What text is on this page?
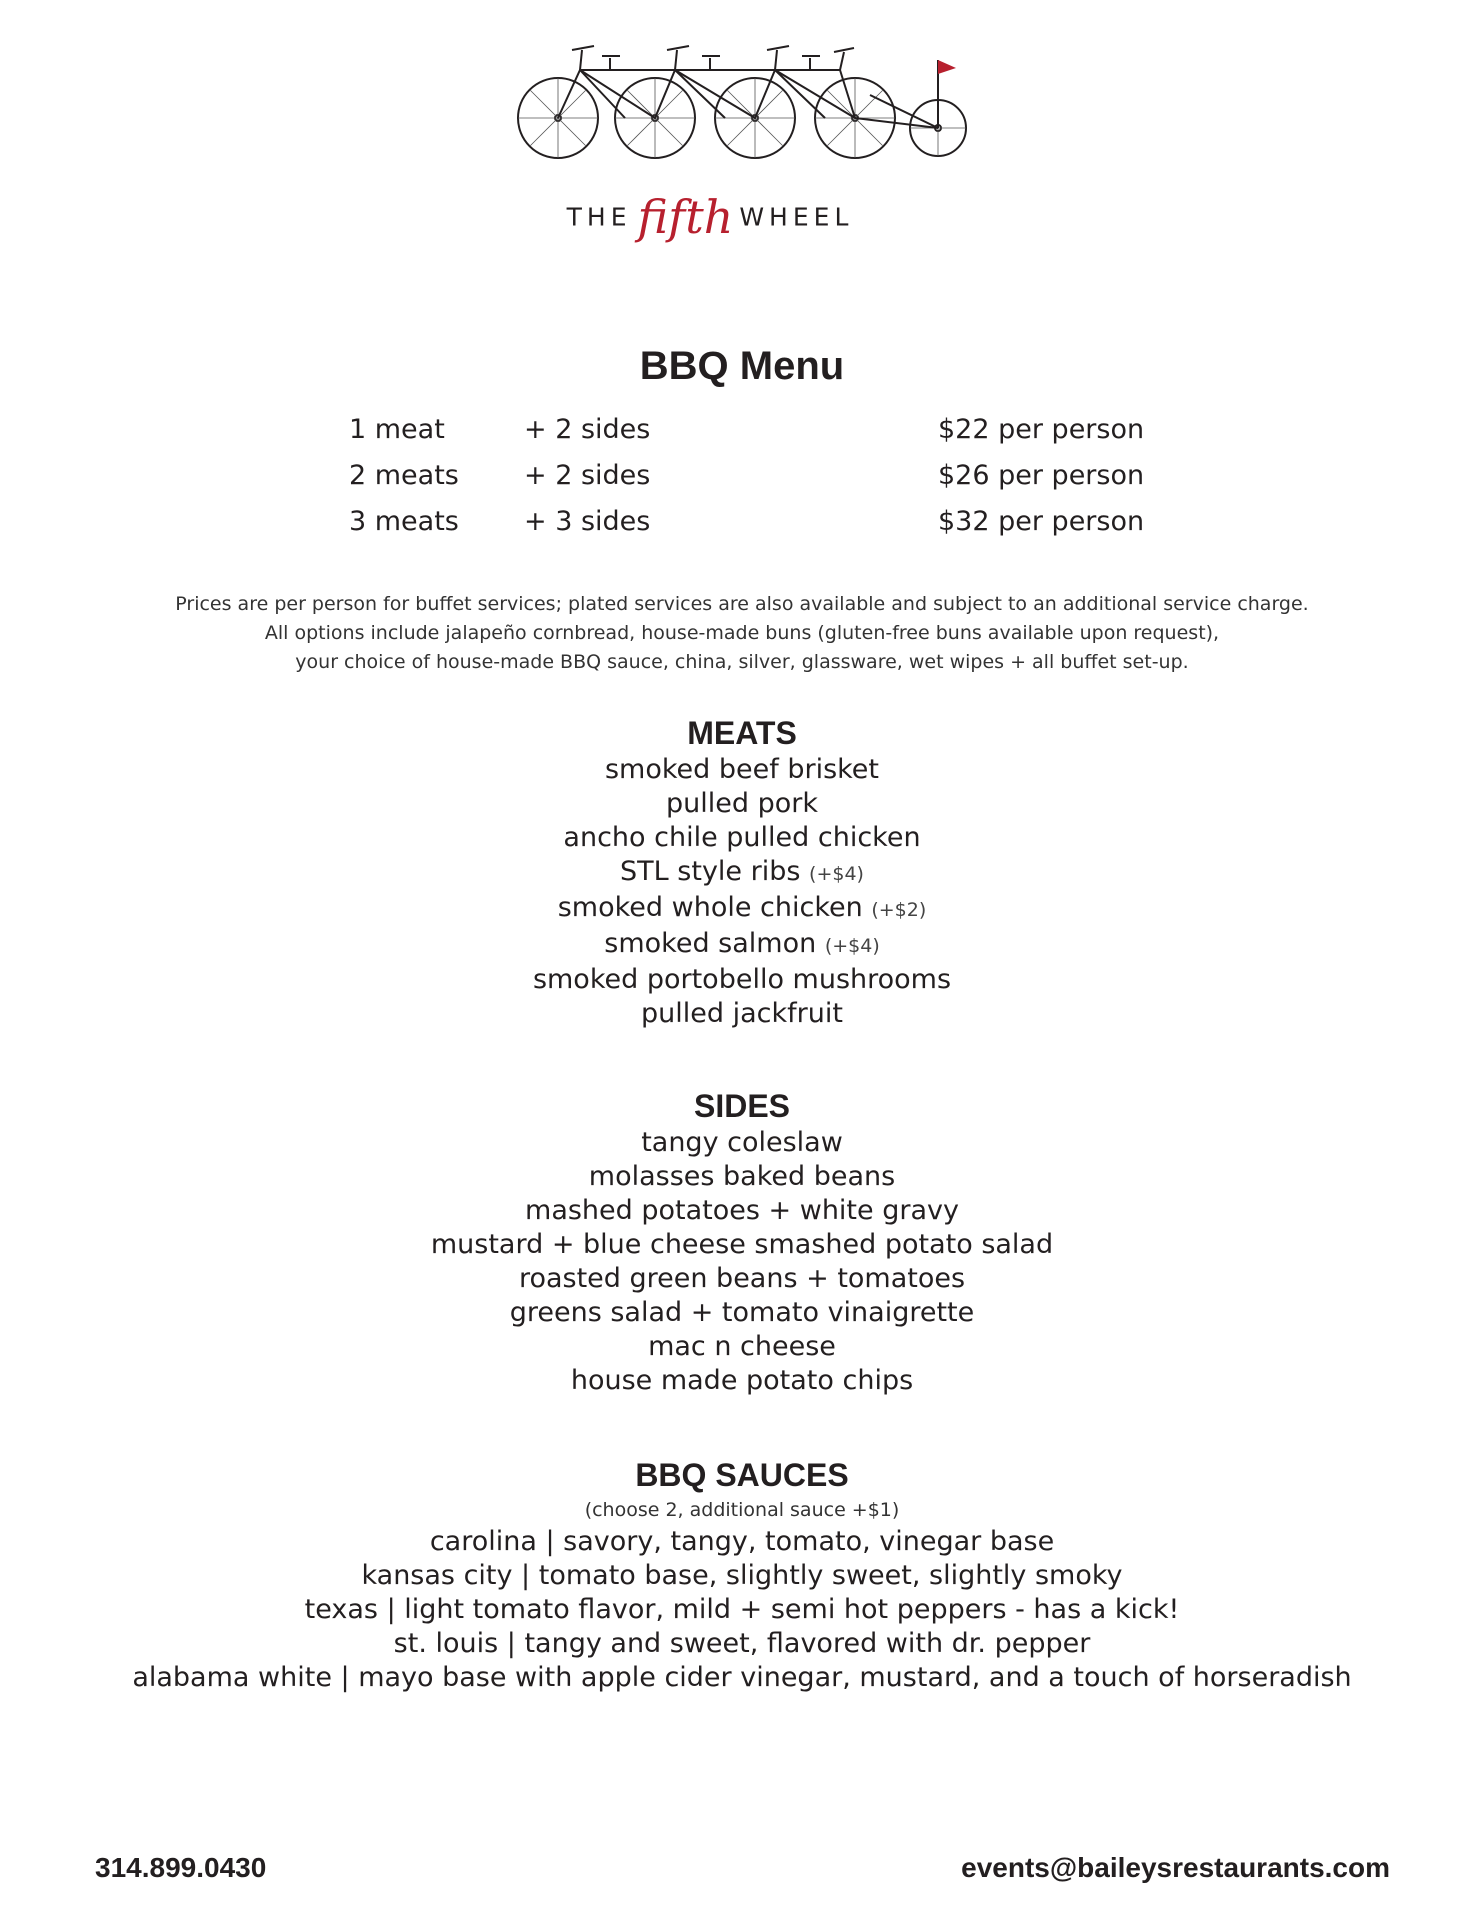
THE fifth WHEEL
BBQ Menu
1 meat	+ 2 sides	$22 per person
2 meats + 2 sides	$26 per person
3 meats + 3 sides	$32 per person
Prices are per person for buffet services; plated services are also available and subject to an additional service charge.
All options include jalapeño cornbread, house-made buns (gluten-free buns available upon request),
your choice of house-made BBQ sauce, china, silver, glassware, wet wipes + all buffet set-up.
MEATS
smoked beef brisket
pulled pork
ancho chile pulled chicken
STL style ribs (+$4)
smoked whole chicken (+$2)
smoked salmon (+$4)
smoked portobello mushrooms
pulled jackfruit
SIDES
tangy coleslaw
molasses baked beans
mashed potatoes + white gravy
mustard + blue cheese smashed potato salad
roasted green beans + tomatoes
greens salad + tomato vinaigrette
mac n cheese
house made potato chips
BBQ SAUCES
(choose 2, additional sauce +$1)
carolina | savory, tangy, tomato, vinegar base
kansas city | tomato base, slightly sweet, slightly smoky
texas | light tomato flavor, mild + semi hot peppers - has a kick!
st. louis | tangy and sweet, flavored with dr. pepper
alabama white | mayo base with apple cider vinegar, mustard, and a touch of horseradish
314.899.0430	events@baileysrestaurants.com
